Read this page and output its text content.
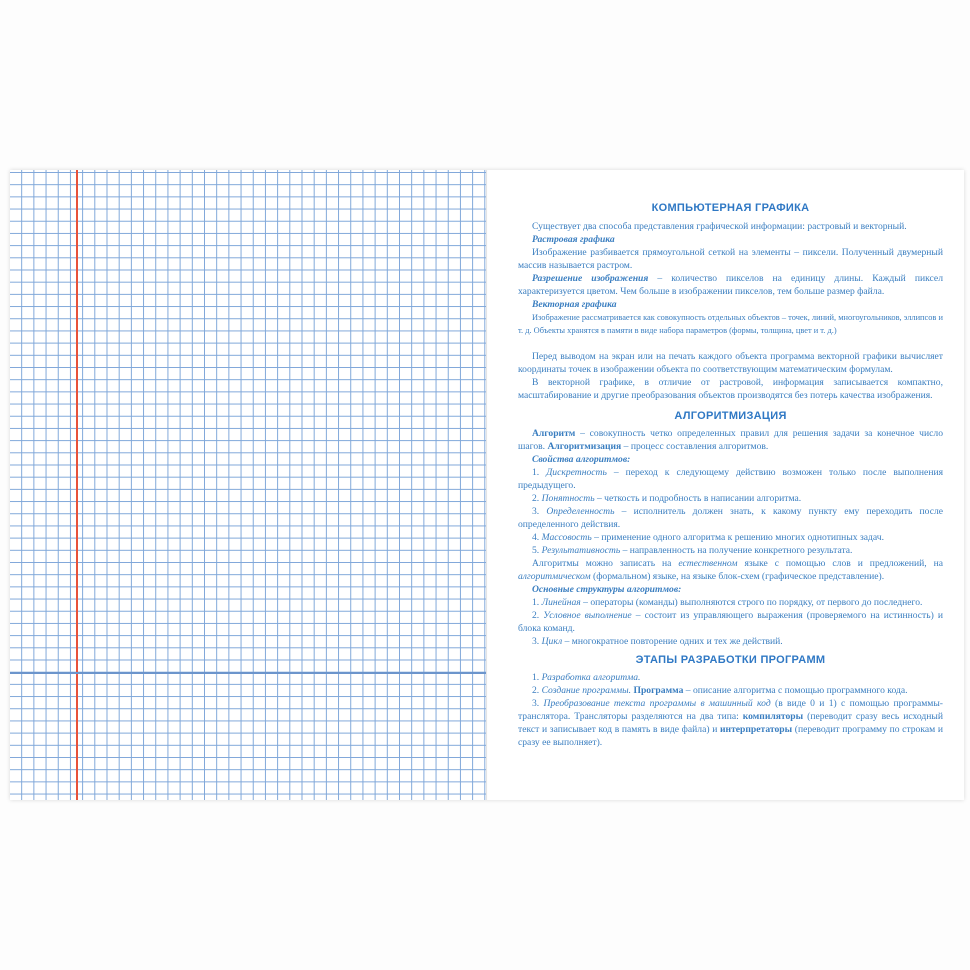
КОМПЬЮТЕРНАЯ ГРАФИКА

Существует два способа представления графической информации: растровый и векторный.

Растровая графика

Изображение разбивается прямоугольной сеткой на элементы – пиксели. Полученный двумерный массив называется растром.

Разрешение изображения – количество пикселов на единицу длины. Каждый пиксел характеризуется цветом. Чем больше в изображении пикселов, тем больше размер файла.

Векторная графика

Изображение рассматривается как совокупность отдельных объектов – точек, линий, многоугольников, эллипсов и т. д. Объекты хранятся в памяти в виде набора параметров (формы, толщина, цвет и т. д.)

Перед выводом на экран или на печать каждого объекта программа векторной графики вычисляет координаты точек в изображении объекта по соответствующим математическим формулам.

В векторной графике, в отличие от растровой, информация записывается компактно, масштабирование и другие преобразования объектов производятся без потерь качества изображения.

АЛГОРИТМИЗАЦИЯ

Алгоритм – совокупность четко определенных правил для решения задачи за конечное число шагов. Алгоритмизация – процесс составления алгоритмов.

Свойства алгоритмов:

1. Дискретность – переход к следующему действию возможен только после выполнения предыдущего.

2. Понятность – четкость и подробность в написании алгоритма.

3. Определенность – исполнитель должен знать, к какому пункту ему переходить после определенного действия.

4. Массовость – применение одного алгоритма к решению многих однотипных задач.

5. Результативность – направленность на получение конкретного результата.

Алгоритмы можно записать на естественном языке с помощью слов и предложений, на алгоритмическом (формальном) языке, на языке блок-схем (графическое представление).

Основные структуры алгоритмов:

1. Линейная – операторы (команды) выполняются строго по порядку, от первого до последнего.

2. Условное выполнение – состоит из управляющего выражения (проверяемого на истинность) и блока команд.

3. Цикл – многократное повторение одних и тех же действий.

ЭТАПЫ РАЗРАБОТКИ ПРОГРАММ

1. Разработка алгоритма.

2. Создание программы. Программа – описание алгоритма с помощью программного кода.

3. Преобразование текста программы в машинный код (в виде 0 и 1) с помощью программы-транслятора. Трансляторы разделяются на два типа: компиляторы (переводит сразу весь исходный текст и записывает код в память в виде файла) и интерпретаторы (переводит программу по строкам и сразу ее выполняет).
